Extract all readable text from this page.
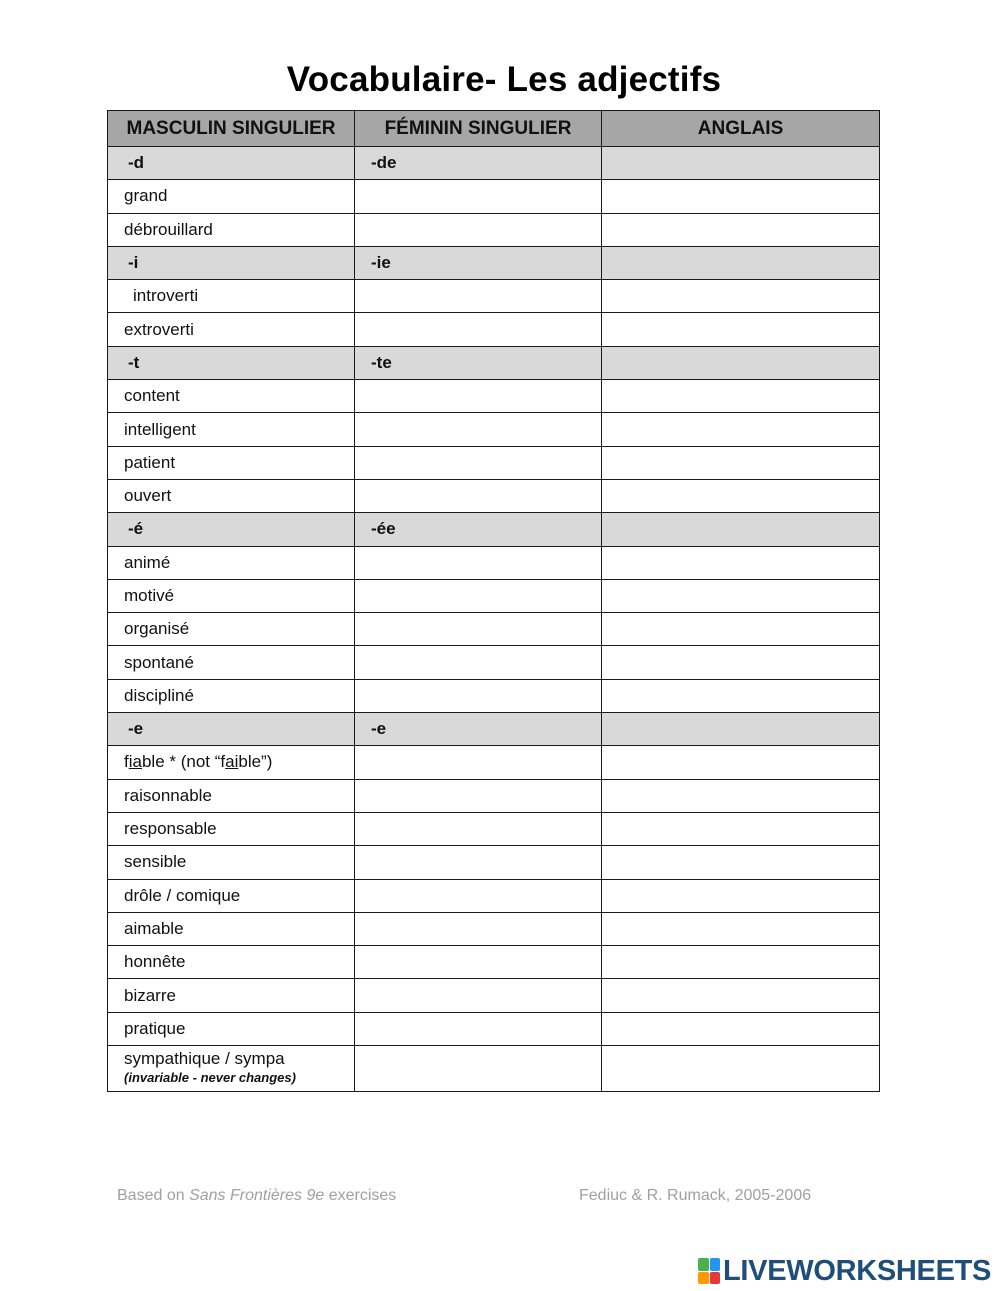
Vocabulaire- Les adjectifs
MASCULIN SINGULIER	FÉMININ SINGULIER	ANGLAIS
-d	-de	
grand		
débrouillard		
-i	-ie	
introverti		
extroverti		
-t	-te	
content		
intelligent		
patient		
ouvert		
-é	-ée	
animé		
motivé		
organisé		
spontané		
discipliné		
-e	-e	
fiable * (not “faible”)		
raisonnable		
responsable		
sensible		
drôle / comique		
aimable		
honnête		
bizarre		
pratique		
sympathique / sympa
(invariable - never changes)		

Based on Sans Frontières 9e exercises	Fediuc & R. Rumack, 2005-2006
LIVEWORKSHEETS
